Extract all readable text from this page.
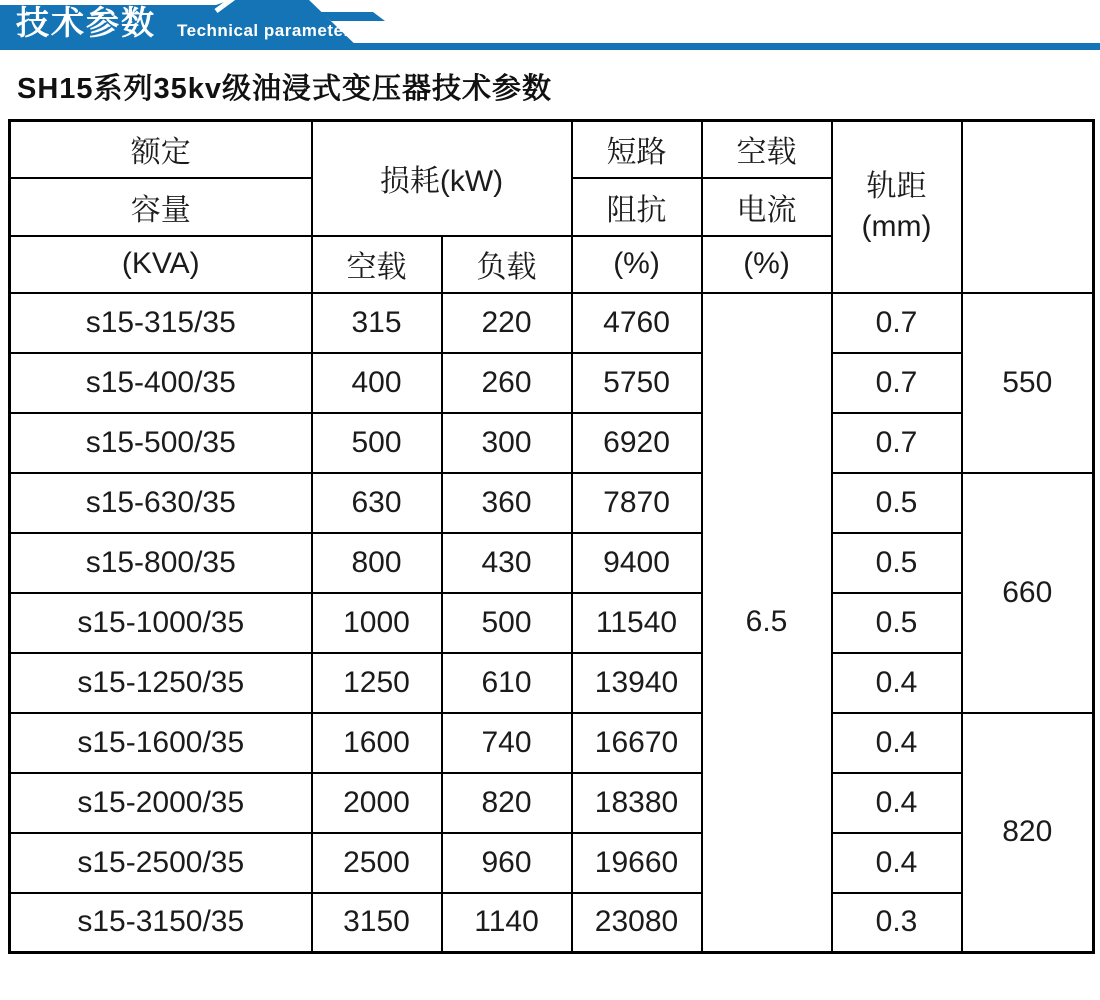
技术参数 Technical parameter
SH15系列35kv级油浸式变压器技术参数
额定	损耗(kW)		短路	空载	轨距
(mm)	

容量			阻抗	电流		
(KVA)	空载	负载	(%)	(%)		
s15-315/35	315	220	4760	6.5	0.7	550
s15-400/35	400	260	5750		0.7	
s15-500/35	500	300	6920		0.7	
s15-630/35	630	360	7870		0.5	660
s15-800/35	800	430	9400		0.5	
s15-1000/35	1000	500	11540		0.5	
s15-1250/35	1250	610	13940		0.4	
s15-1600/35	1600	740	16670		0.4	820
s15-2000/35	2000	820	18380		0.4	
s15-2500/35	2500	960	19660		0.4	
s15-3150/35	3150	1140	23080		0.3	
